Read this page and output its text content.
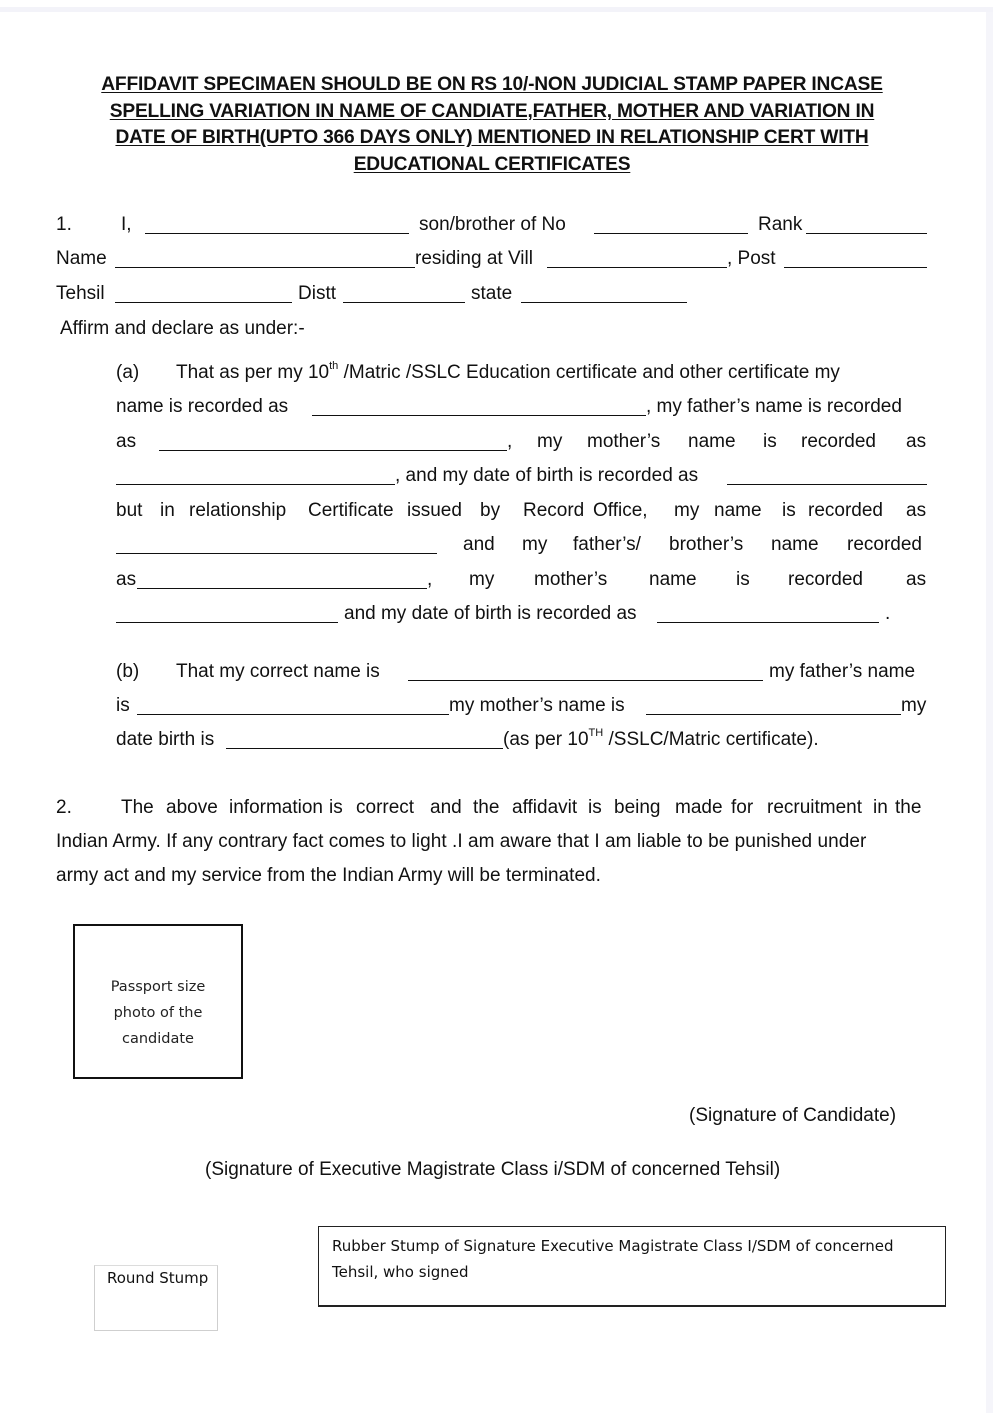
AFFIDAVIT SPECIMAEN SHOULD BE ON RS 10/-NON JUDICIAL STAMP PAPER INCASE
SPELLING VARIATION IN NAME OF CANDIATE,FATHER, MOTHER AND VARIATION IN
DATE OF BIRTH(UPTO 366 DAYS ONLY) MENTIONED IN RELATIONSHIP CERT WITH
EDUCATIONAL CERTIFICATES
1.	I,	son/brother of No	Rank
Name	residing at Vill	, Post
Tehsil	Distt	state
Affirm and declare as under:-
(a) That as per my 10th /Matric /SSLC Education certificate and other certificate my
name is recorded as	, my father’s name is recorded
as	, my mother’s name is recorded as
, and my date of birth is recorded as
but in relationship Certificate issued by Record Office, my name is recorded as
and my father’s/ brother’s name recorded
as	, my mother’s name is recorded as
and my date of birth is recorded as	.
(b) That my correct name is	my father’s name
is	my mother’s name is	my
date birth is	(as per 10TH /SSLC/Matric certificate).
2.	The above information is correct and the affidavit is being made for recruitment in the
Indian Army. If any contrary fact comes to light .I am aware that I am liable to be punished under
army act and my service from the Indian Army will be terminated.
Passport size
photo of the
candidate
(Signature of Candidate)
(Signature of Executive Magistrate Class i/SDM of concerned Tehsil)
Round Stump
Rubber Stump of Signature Executive Magistrate Class I/SDM of concerned
Tehsil, who signed
